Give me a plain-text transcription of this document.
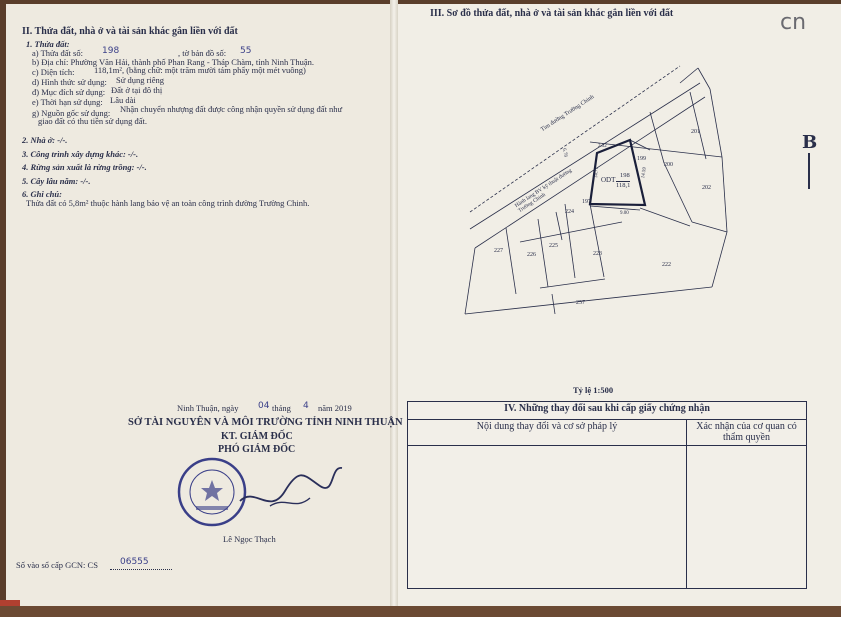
II. Thửa đất, nhà ở và tài sản khác gắn liền với đất
1. Thửa đất:
a) Thửa đất số: 198	, tờ bản đồ số: 55
b) Địa chỉ: Phường Văn Hải, thành phố Phan Rang - Tháp Chàm, tỉnh Ninh Thuận.
c) Diện tích: 118,1m², (bằng chữ: một trăm mười tám phẩy một mét vuông)
d) Hình thức sử dụng: Sử dụng riêng
đ) Mục đích sử dụng: Đất ở tại đô thị
e) Thời hạn sử dụng: Lâu dài
g) Nguồn gốc sử dụng: Nhận chuyển nhượng đất được công nhận quyền sử dụng đất như
giao đất có thu tiền sử dụng đất.
2. Nhà ở: -/-.
3. Công trình xây dựng khác: -/-.
4. Rừng sản xuất là rừng trồng: -/-.
5. Cây lâu năm: -/-.
6. Ghi chú:
Thửa đất có 5,8m² thuộc hành lang bảo vệ an toàn công trình đường Trường Chinh.
Ninh Thuận, ngày 04 tháng 4 năm 2019
SỞ TÀI NGUYÊN VÀ MÔI TRƯỜNG TỈNH NINH THUẬN
KT. GIÁM ĐỐC
PHÓ GIÁM ĐỐC
Lê Ngọc Thạch
Số vào sổ cấp GCN: CS 06555
III. Sơ đồ thửa đất, nhà ở và tài sản khác gắn liền với đất	cn
Tim đường Trường Chinh
Hành lang BV kỹ thuật đường Trường Chinh
ODT
198
118,1
2.32
6.78
14.71	14.59
9.00
201
199
200
202
197
224
227
226
225
223
222
257
B
Tỷ lệ 1:500
IV. Những thay đổi sau khi cấp giấy chứng nhận	
Nội dung thay đổi và cơ sở pháp lý	Xác nhận của cơ quan có thẩm quyền
